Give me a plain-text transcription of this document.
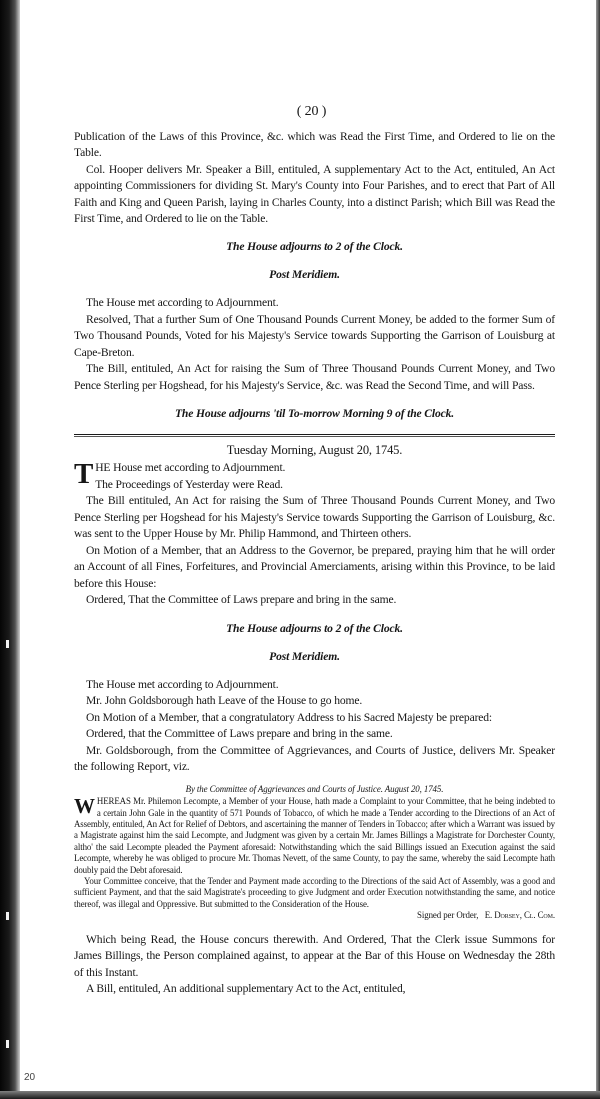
( 20 )

Publication of the Laws of this Province, &c. which was Read the First Time, and Ordered to lie on the Table.

Col. Hooper delivers Mr. Speaker a Bill, entituled, A supplementary Act to the Act, entituled, An Act appointing Commissioners for dividing St. Mary's County into Four Parishes, and to erect that Part of All Faith and King and Queen Parish, laying in Charles County, into a distinct Parish; which Bill was Read the First Time, and Ordered to lie on the Table.

The House adjourns to 2 of the Clock.

Post Meridiem.

The House met according to Adjournment.

Resolved, That a further Sum of One Thousand Pounds Current Money, be added to the former Sum of Two Thousand Pounds, Voted for his Majesty's Service towards Supporting the Garrison of Louisburg at Cape-Breton.

The Bill, entituled, An Act for raising the Sum of Three Thousand Pounds Current Money, and Two Pence Sterling per Hogshead, for his Majesty's Service, &c. was Read the Second Time, and will Pass.

The House adjourns 'til To-morrow Morning 9 of the Clock.

Tuesday Morning, August 20, 1745.

THE House met according to Adjournment.
The Proceedings of Yesterday were Read.

The Bill entituled, An Act for raising the Sum of Three Thousand Pounds Current Money, and Two Pence Sterling per Hogshead for his Majesty's Service towards Supporting the Garrison of Louisburg, &c. was sent to the Upper House by Mr. Philip Hammond, and Thirteen others.

On Motion of a Member, that an Address to the Governor, be prepared, praying him that he will order an Account of all Fines, Forfeitures, and Provincial Amerciaments, arising within this Province, to be laid before this House:

Ordered, That the Committee of Laws prepare and bring in the same.

The House adjourns to 2 of the Clock.

Post Meridiem.

The House met according to Adjournment.

Mr. John Goldsborough hath Leave of the House to go home.

On Motion of a Member, that a congratulatory Address to his Sacred Majesty be prepared:

Ordered, that the Committee of Laws prepare and bring in the same.

Mr. Goldsborough, from the Committee of Aggrievances, and Courts of Justice, delivers Mr. Speaker the following Report, viz.

By the Committee of Aggrievances and Courts of Justice. August 20, 1745.

WHEREAS Mr. Philemon Lecompte, a Member of your House, hath made a Complaint to your Committee, that he being indebted to a certain John Gale in the quantity of 571 Pounds of Tobacco, of which he made a Tender according to the Directions of an Act of Assembly, entituled, An Act for Relief of Debtors, and ascertaining the manner of Tenders in Tobacco; after which a Warrant was issued by a Magistrate against him the said Lecompte, and Judgment was given by a certain Mr. James Billings a Magistrate for Dorchester County, altho' the said Lecompte pleaded the Payment aforesaid: Notwithstanding which the said Billings issued an Execution against the said Lecompte, whereby he was obliged to procure Mr. Thomas Nevett, of the same County, to pay the same, whereby the said Lecompte hath doubly paid the Debt aforesaid.

Your Committee conceive, that the Tender and Payment made according to the Directions of the said Act of Assembly, was a good and sufficient Payment, and that the said Magistrate's proceeding to give Judgment and order Execution notwithstanding the same, and notice thereof, was illegal and Oppressive. But submitted to the Consideration of the House.

Signed per Order, E. Dorsey, Cl. Com.

Which being Read, the House concurs therewith. And Ordered, That the Clerk issue Summons for James Billings, the Person complained against, to appear at the Bar of this House on Wednesday the 28th of this Instant.

A Bill, entituled, An additional supplementary Act to the Act, entituled,

20
